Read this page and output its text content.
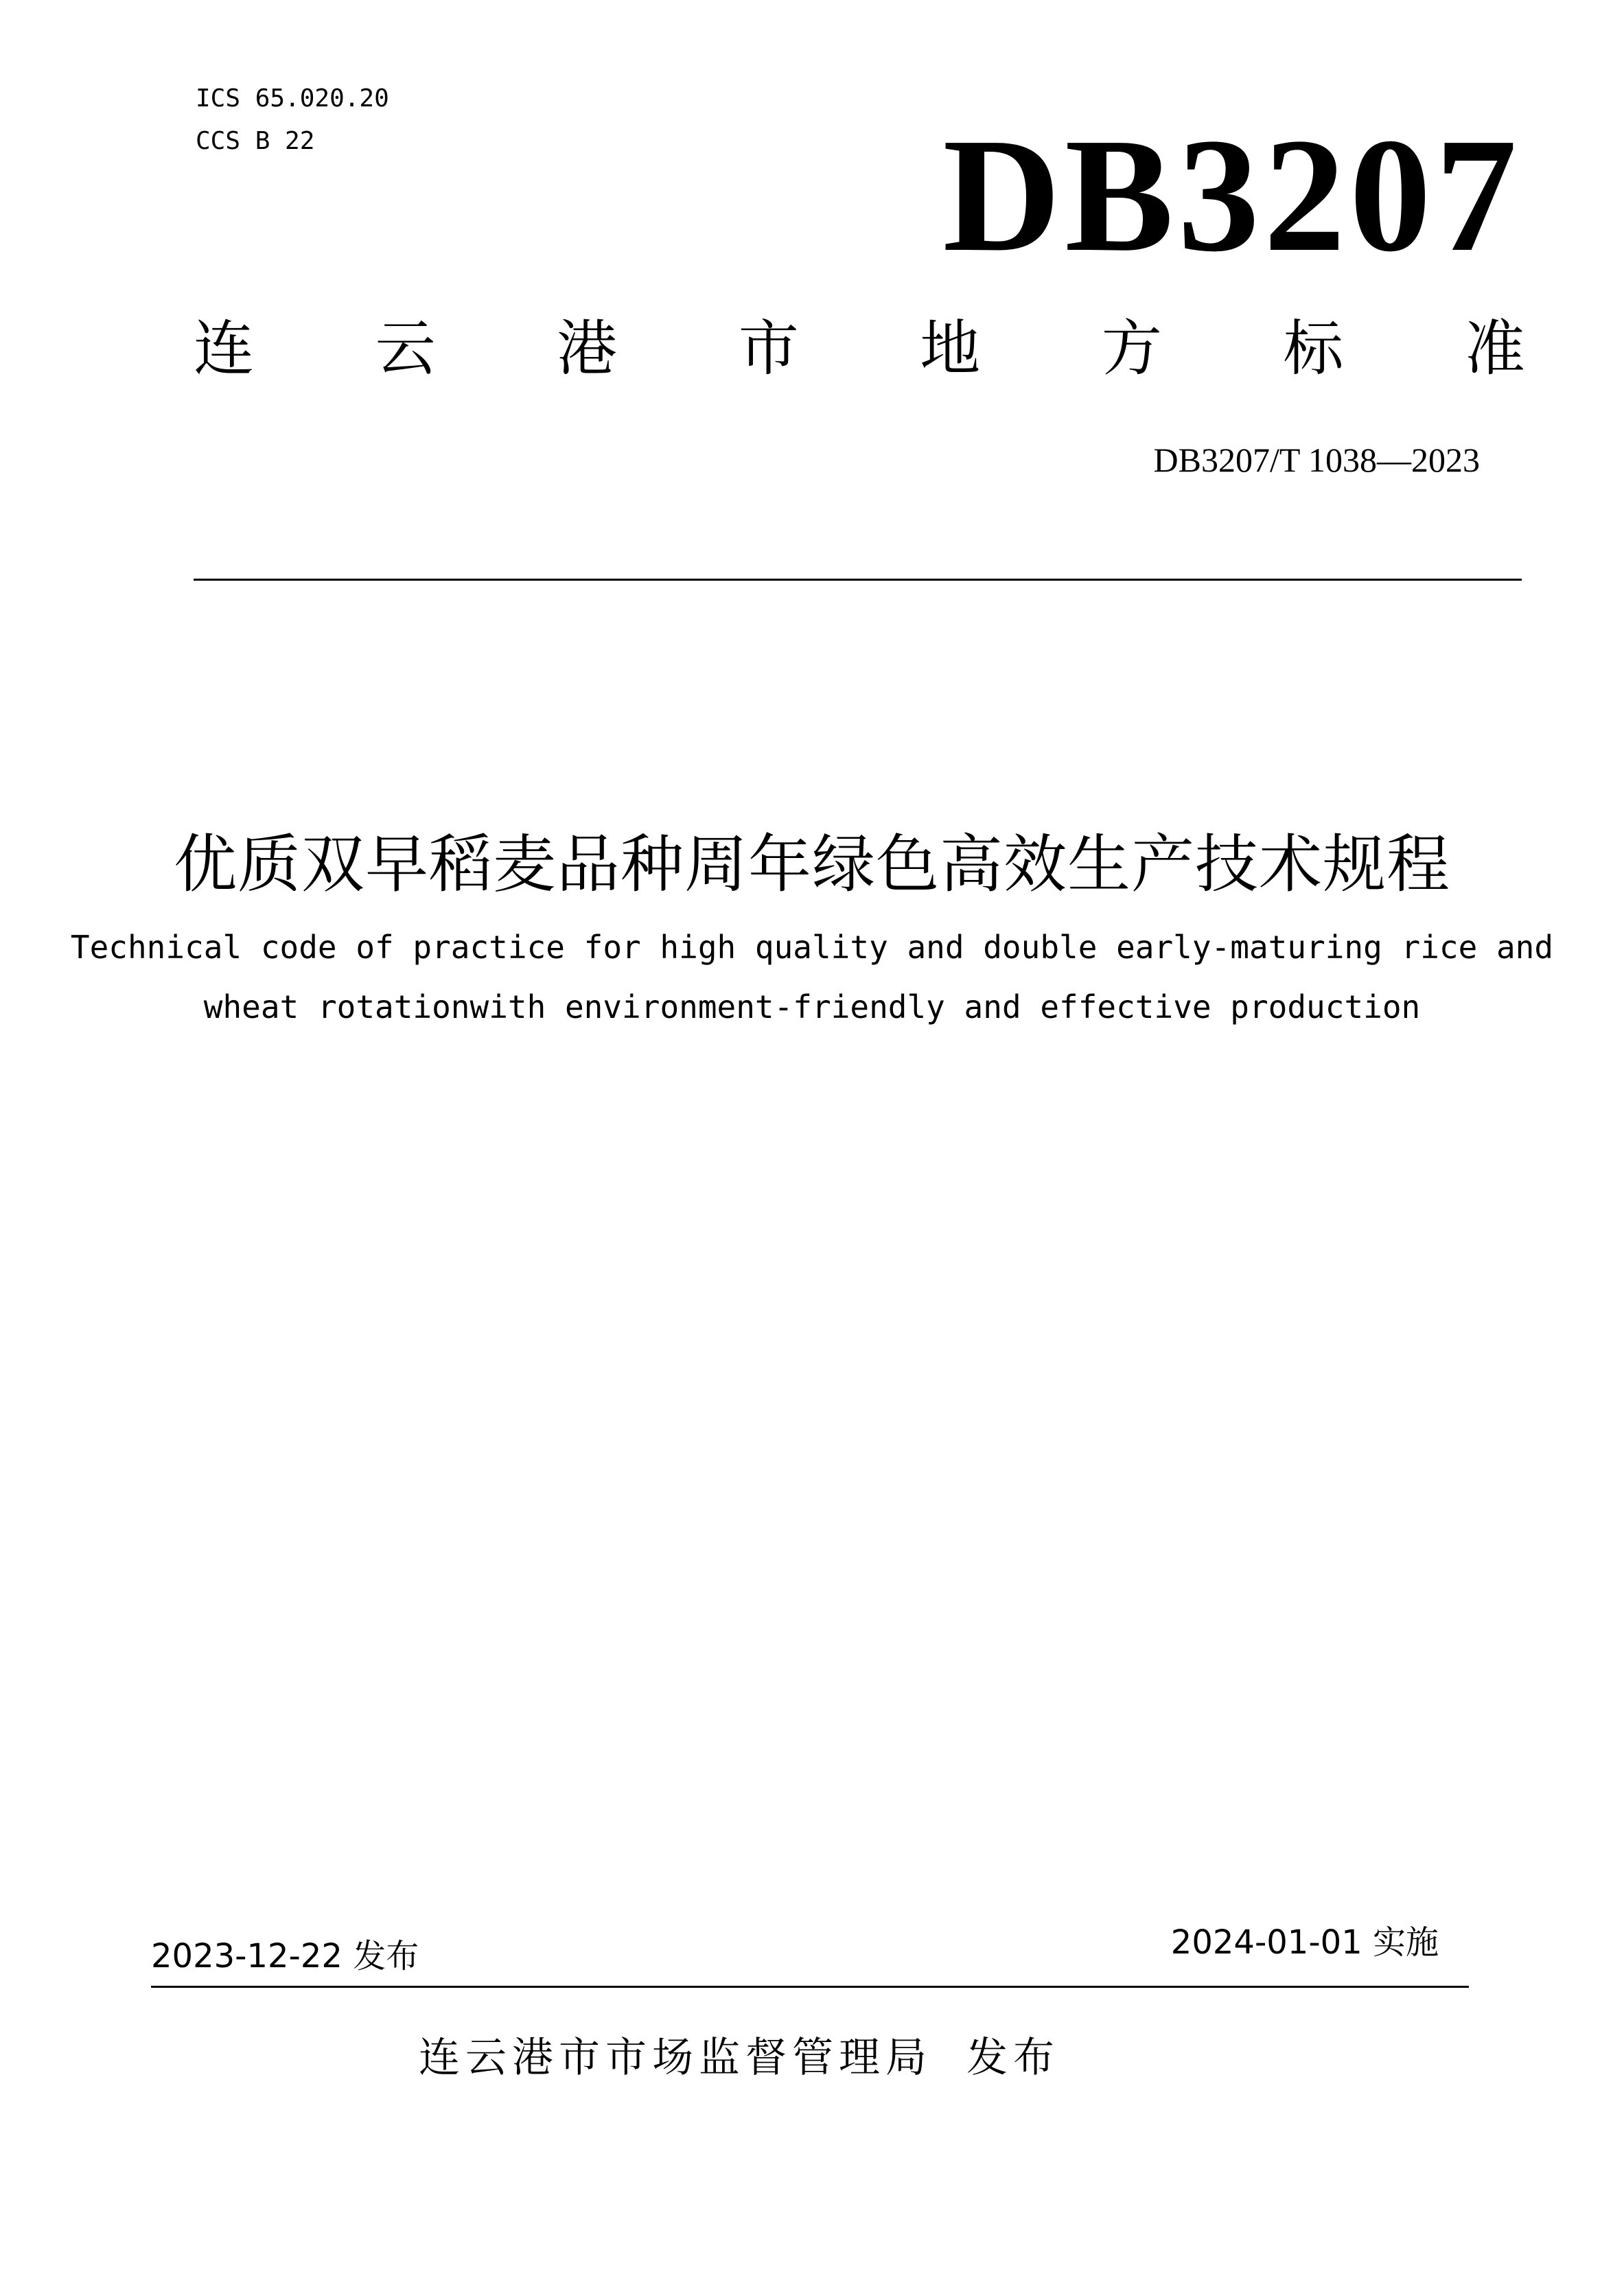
ICS 65.020.20
CCS B 22	DB3207
连 云 港 市 地 方 标 准
DB3207/T 1038—2023
优质双早稻麦品种周年绿色高效生产技术规程
Technical code of practice for high quality and double early-maturing rice and
wheat rotationwith environment-friendly and effective production
2023-12-22 发布	2024-01-01 实施
连云港市市场监督管理局 发布
